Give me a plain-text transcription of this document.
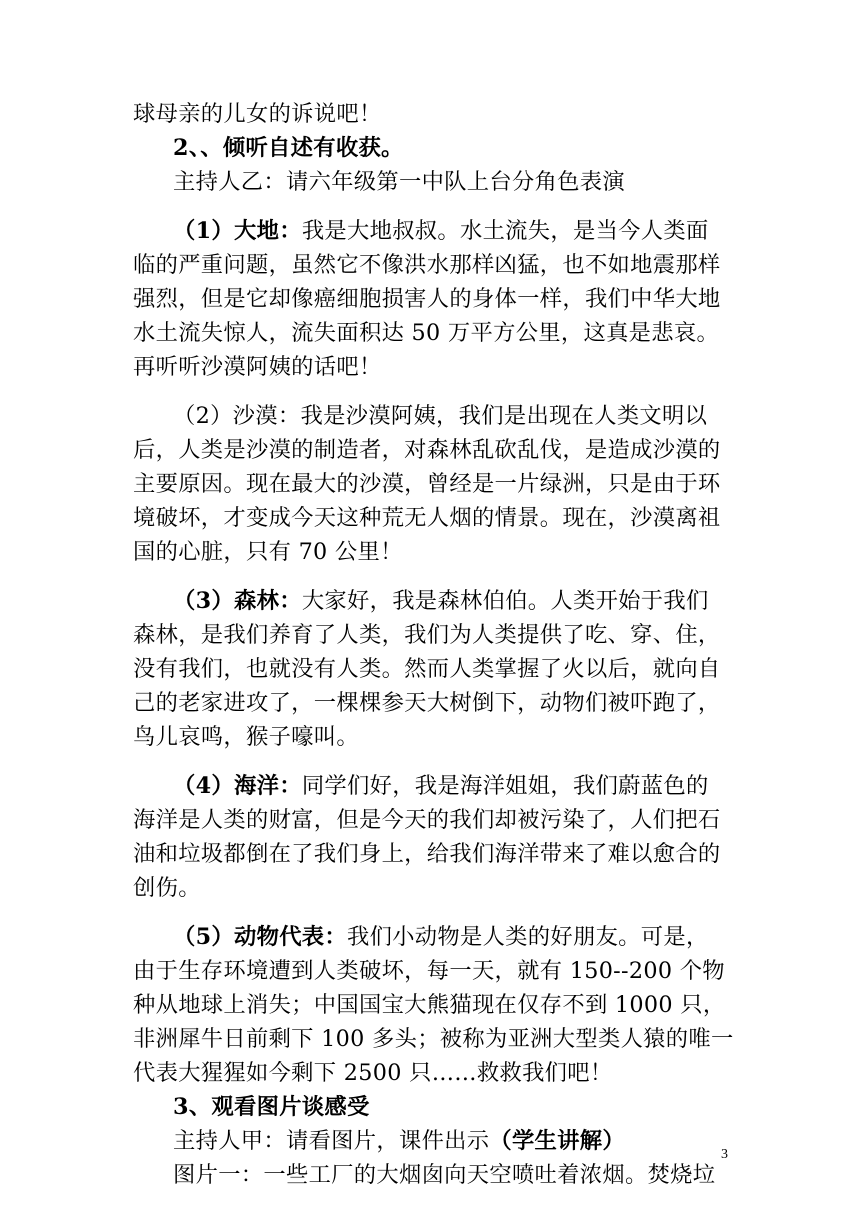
球母亲的儿女的诉说吧！
2、、倾听自述有收获。
主持人乙：请六年级第一中队上台分角色表演
（1）大地：我是大地叔叔。水土流失，是当今人类面
临的严重问题，虽然它不像洪水那样凶猛，也不如地震那样
强烈，但是它却像癌细胞损害人的身体一样，我们中华大地
水土流失惊人，流失面积达 50 万平方公里，这真是悲哀。
再听听沙漠阿姨的话吧！
（2）沙漠：我是沙漠阿姨，我们是出现在人类文明以
后，人类是沙漠的制造者，对森林乱砍乱伐，是造成沙漠的
主要原因。现在最大的沙漠，曾经是一片绿洲，只是由于环
境破坏，才变成今天这种荒无人烟的情景。现在，沙漠离祖
国的心脏，只有 70 公里！
（3）森林：大家好，我是森林伯伯。人类开始于我们
森林，是我们养育了人类，我们为人类提供了吃、穿、住，
没有我们，也就没有人类。然而人类掌握了火以后，就向自
己的老家进攻了，一棵棵参天大树倒下，动物们被吓跑了，
鸟儿哀鸣，猴子嚎叫。
（4）海洋：同学们好，我是海洋姐姐，我们蔚蓝色的
海洋是人类的财富，但是今天的我们却被污染了，人们把石
油和垃圾都倒在了我们身上，给我们海洋带来了难以愈合的
创伤。
（5）动物代表：我们小动物是人类的好朋友。可是，
由于生存环境遭到人类破坏，每一天，就有 150--200 个物
种从地球上消失；中国国宝大熊猫现在仅存不到 1000 只，
非洲犀牛日前剩下 100 多头；被称为亚洲大型类人猿的唯一
代表大猩猩如今剩下 2500 只……救救我们吧！
3、观看图片谈感受
主持人甲：请看图片，课件出示（学生讲解）
图片一：一些工厂的大烟囱向天空喷吐着浓烟。焚烧垃
3
